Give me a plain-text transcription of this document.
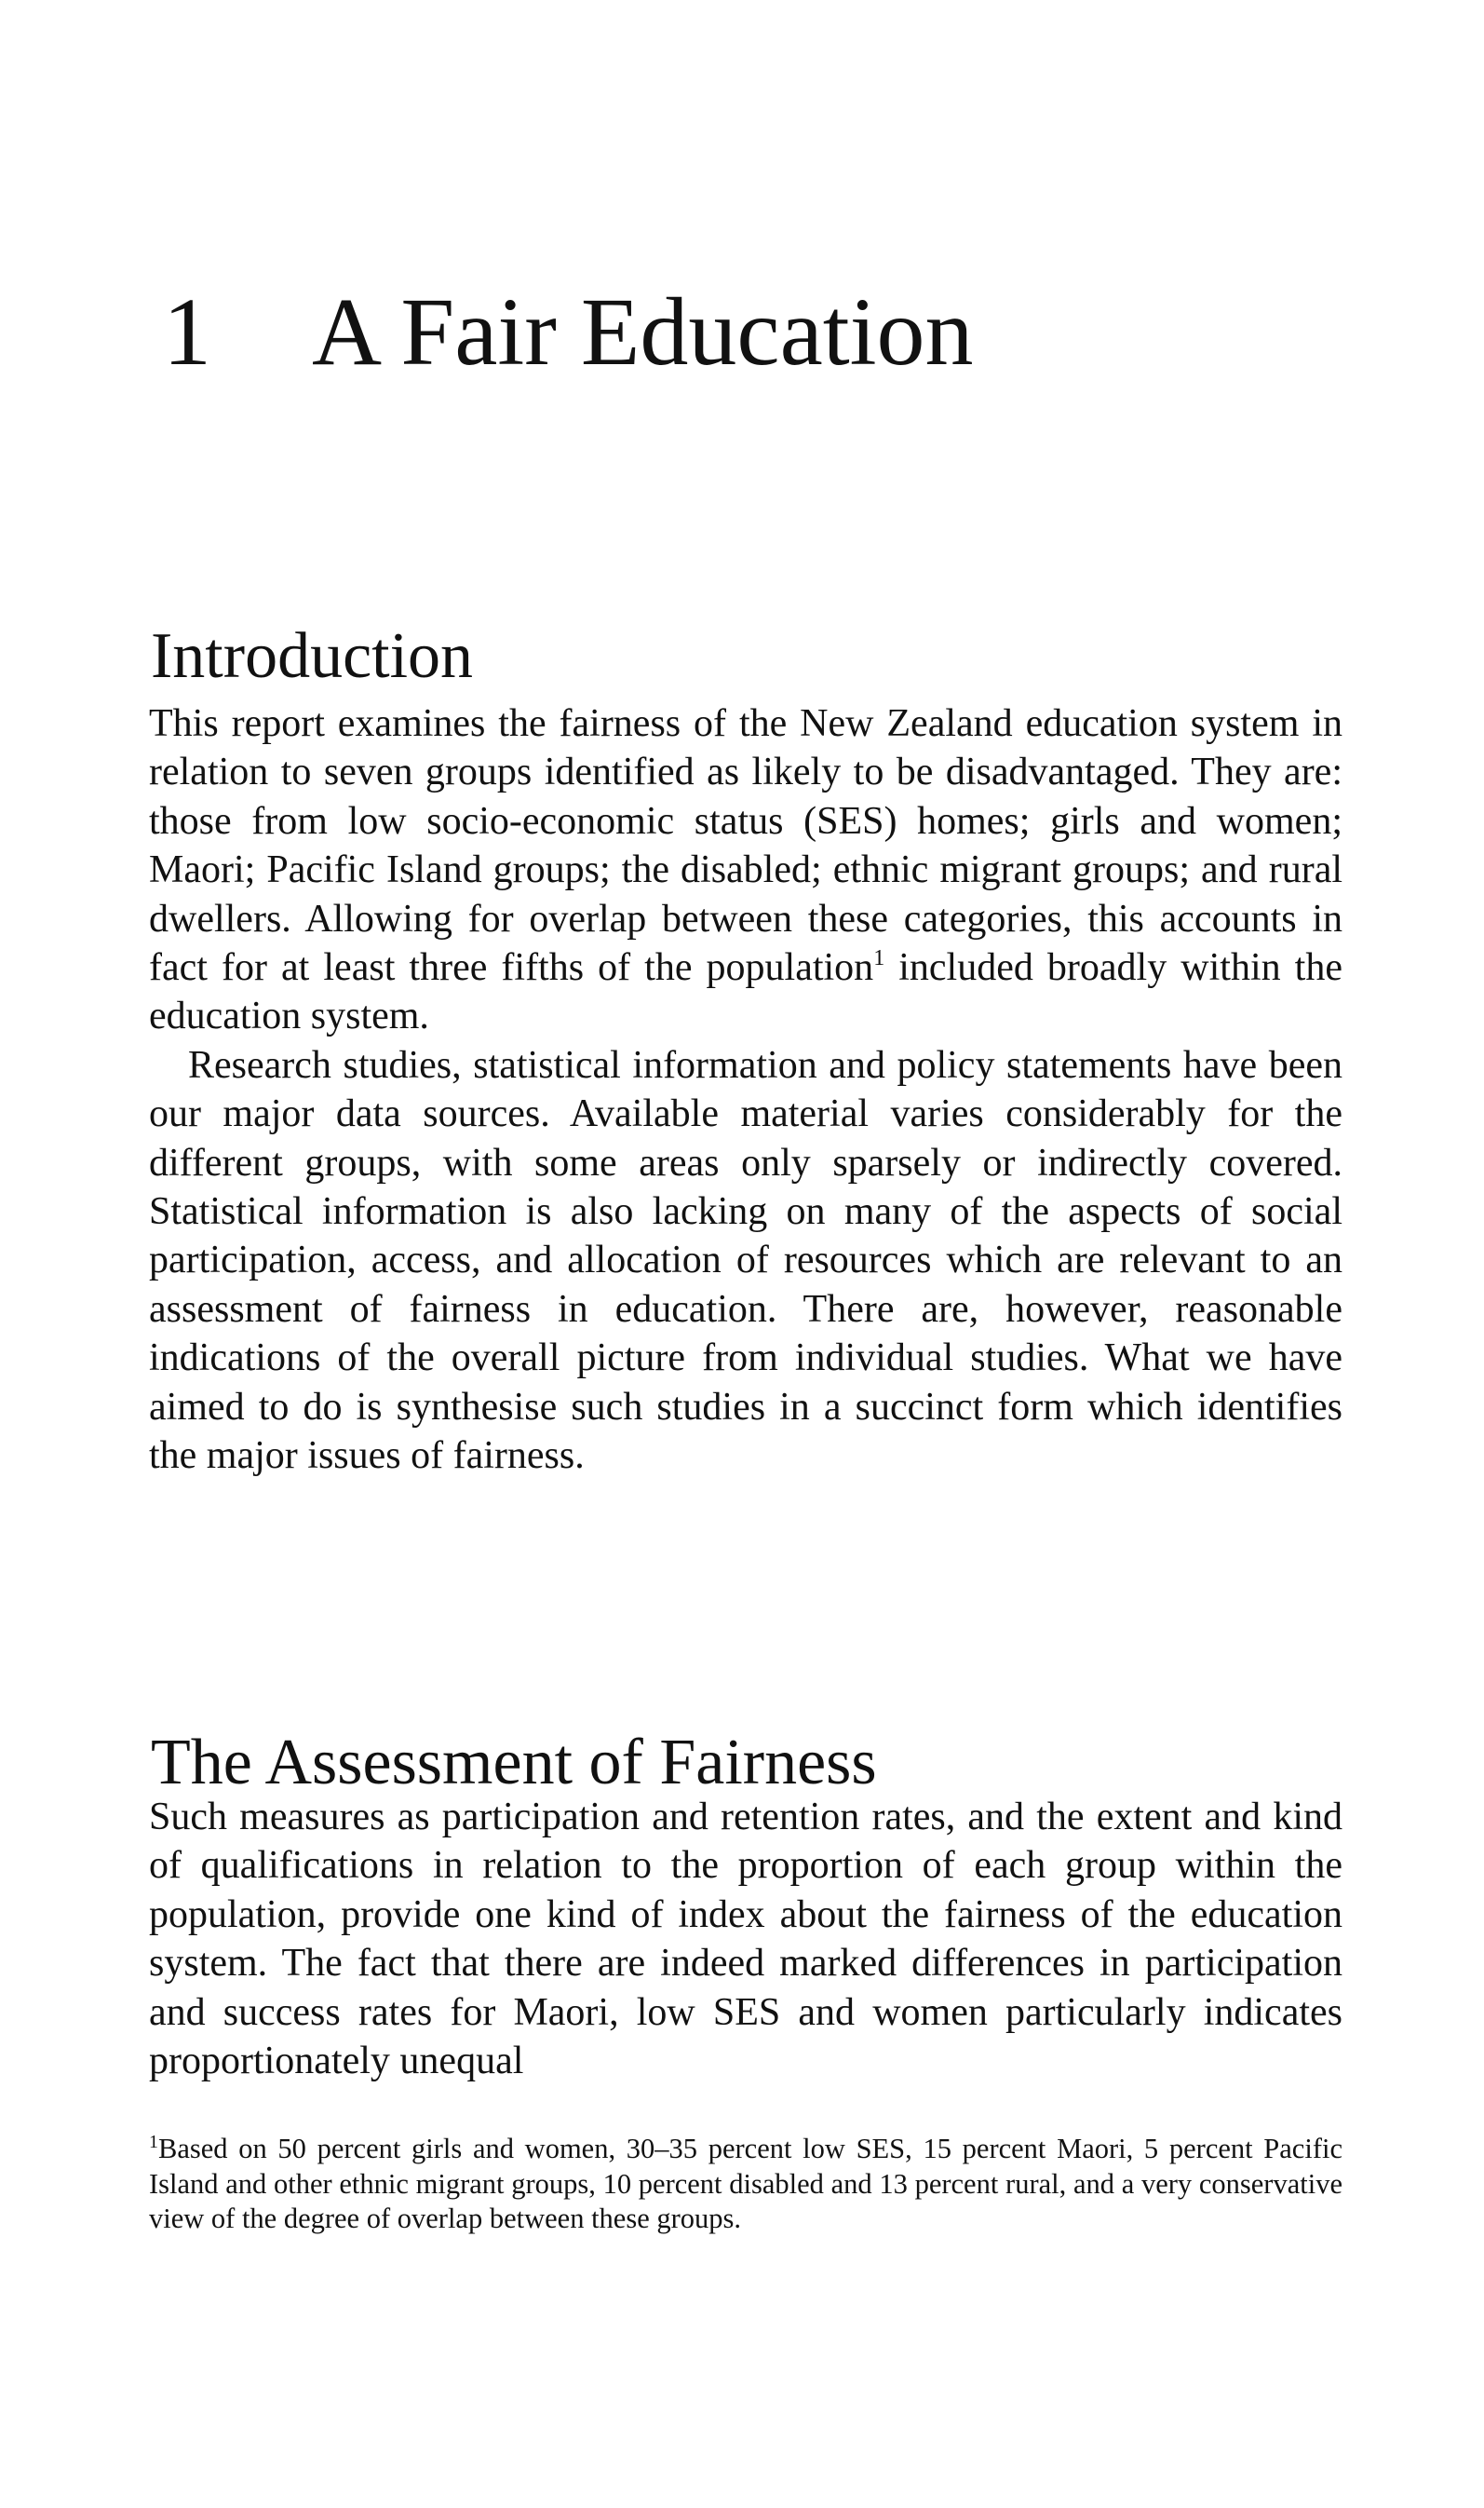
1 A Fair Education
Introduction

This report examines the fairness of the New Zealand education system in relation to seven groups identified as likely to be disadvantaged. They are: those from low socio-economic status (SES) homes; girls and women; Maori; Pacific Island groups; the disabled; ethnic migrant groups; and rural dwellers. Allowing for overlap between these categories, this accounts in fact for at least three fifths of the population$^1$ included broadly within the education system.

Research studies, statistical information and policy statements have been our major data sources. Available material varies considerably for the different groups, with some areas only sparsely or indirectly covered. Statistical information is also lacking on many of the aspects of social participation, access, and allocation of resources which are relevant to an assessment of fairness in education. There are, however, reasonable indications of the overall picture from individual studies. What we have aimed to do is synthesise such studies in a succinct form which identifies the major issues of fairness.

The Assessment of Fairness

Such measures as participation and retention rates, and the extent and kind of qualifications in relation to the proportion of each group within the population, provide one kind of index about the fairness of the education system. The fact that there are indeed marked differences in participation and success rates for Maori, low SES and women particularly indicates proportionately unequal

$^1$Based on 50 percent girls and women, 30–35 percent low SES, 15 percent Maori, 5 percent Pacific Island and other ethnic migrant groups, 10 percent disabled and 13 percent rural, and a very conservative view of the degree of overlap between these groups.
